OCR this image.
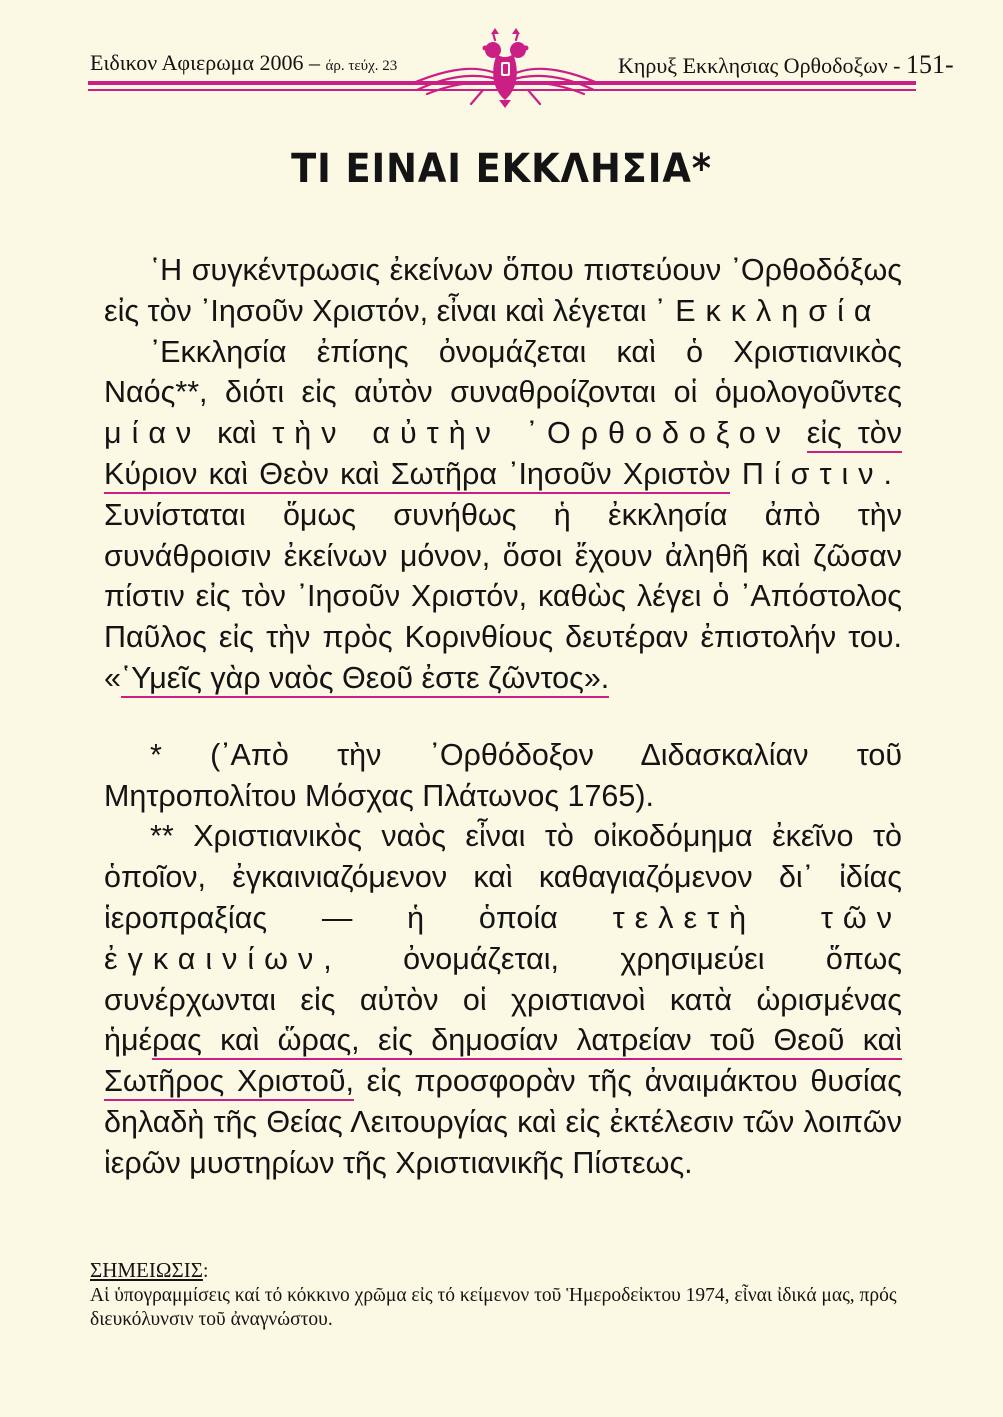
Ειδικον Αφιερωμα 2006 – άρ. τεύχ. 23	Κηρυξ Εκκλησιας Ορθοδοξων - 151-
ΤΙ ΕΙΝΑΙ ΕΚΚΛΗΣΙΑ*

῾Η συγκέντρωσις ἐκείνων ὅπου πιστεύουν ᾿Ορθοδόξως εἰς τὸν ᾿Ιησοῦν Χριστόν, εἶναι καὶ λέγεται ᾿Εκκλησία

᾿Εκκλησία ἐπίσης ὀνομάζεται καὶ ὁ Χριστιανικὸς Ναός**, διότι εἰς αὐτὸν συναθροίζονται οἱ ὁμολογοῦντες μίαν καὶ τὴν αὐτὴν ᾿Ορθοδοξον εἰς τὸν Κύριον καὶ Θεὸν καὶ Σωτῆρα ᾿Ιησοῦν Χριστὸν Πίστιν. Συνίσταται ὅμως συνήθως ἡ ἐκκλησία ἀπὸ τὴν συνάθροισιν ἐκείνων μόνον, ὅσοι ἔχουν ἀληθῆ καὶ ζῶσαν πίστιν εἰς τὸν ᾿Ιησοῦν Χριστόν, καθὼς λέγει ὁ ᾿Απόστολος Παῦλος εἰς τὴν πρὸς Κορινθίους δευτέραν ἐπιστολήν του. «῾Υμεῖς γὰρ ναὸς Θεοῦ ἐστε ζῶντος».

* (᾿Απὸ τὴν ᾿Ορθόδοξον Διδασκαλίαν τοῦ Μητροπολίτου Μόσχας Πλάτωνος 1765).

** Χριστιανικὸς ναὸς εἶναι τὸ οἰκοδόμημα ἐκεῖνο τὸ ὁποῖον, ἐγκαινιαζόμενον καὶ καθαγιαζόμενον δι᾿ ἰδίας ἱεροπραξίας — ἡ ὁποία τελετὴ τῶν ἐγκαινίων, ὀνομάζεται, χρησιμεύει ὅπως συνέρχωνται εἰς αὐτὸν οἱ χριστιανοὶ κατὰ ὡρισμένας ἡμέρας καὶ ὥρας, εἰς δημοσίαν λατρείαν τοῦ Θεοῦ καὶ Σωτῆρος Χριστοῦ, εἰς προσφορὰν τῆς ἀναιμάκτου θυσίας δηλαδὴ τῆς Θείας Λειτουργίας καὶ εἰς ἐκτέλεσιν τῶν λοιπῶν ἱερῶν μυστηρίων τῆς Χριστιανικῆς Πίστεως.

ΣΗΜΕΙΩΣΙΣ:
Αἱ ὑπογραμμίσεις καί τό κόκκινο χρῶμα εἰς τό κείμενον τοῦ Ἡμεροδεἰκτου 1974, εἶναι ἰδικά μας, πρός διευκόλυνσιν τοῦ ἀναγνώστου.
